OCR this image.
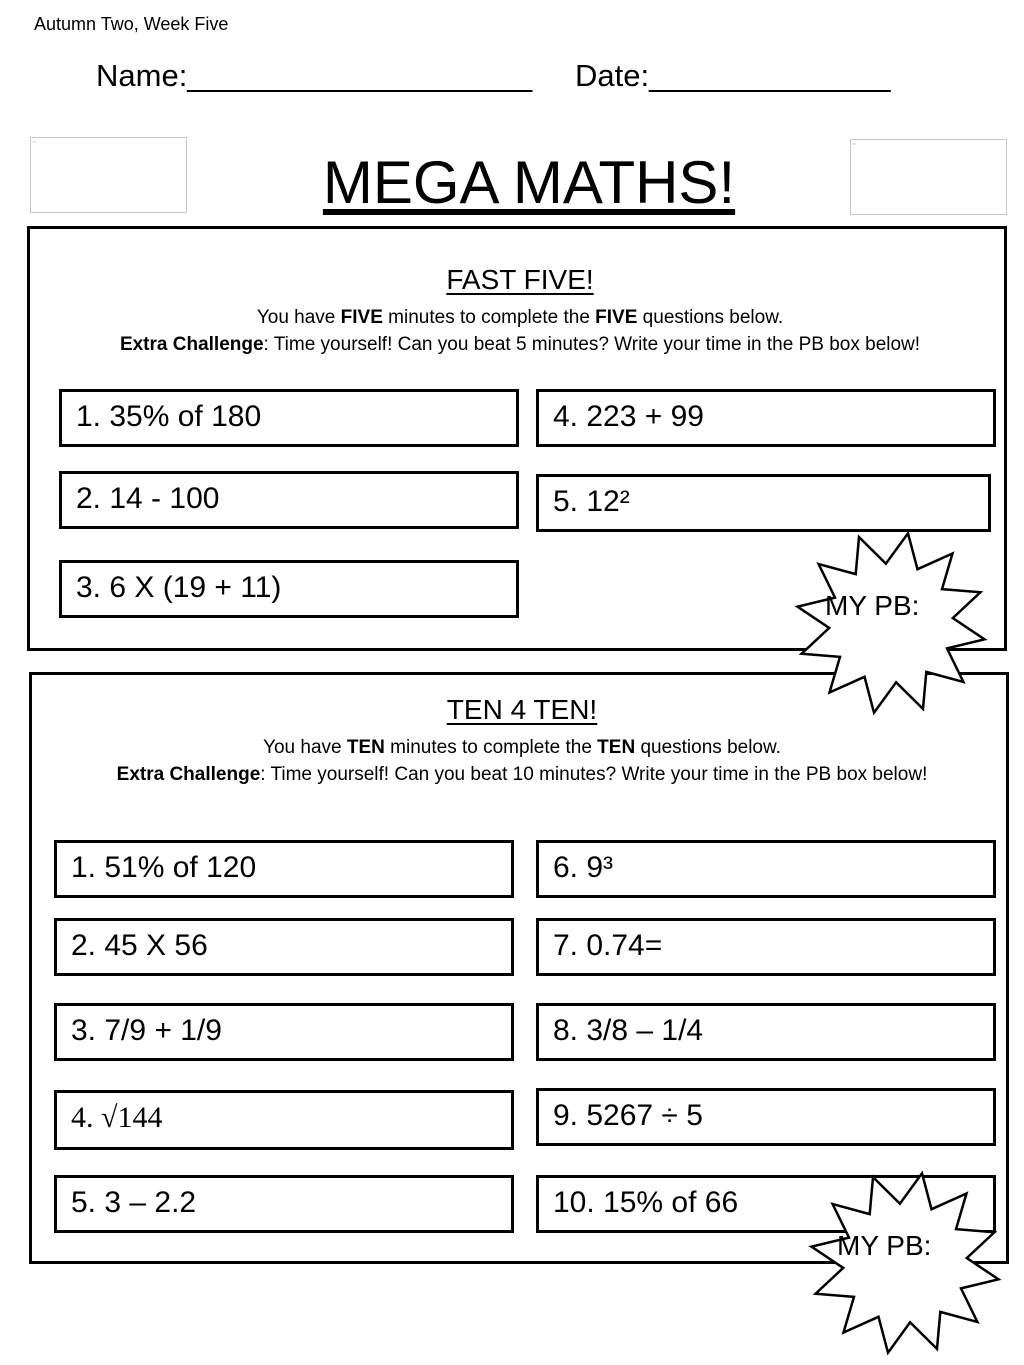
Autumn Two, Week Five
Name:____________________ Date:______________
▫	▫
MEGA MATHS!
FAST FIVE!
You have FIVE minutes to complete the FIVE questions below.
Extra Challenge: Time yourself! Can you beat 5 minutes? Write your time in the PB box below!
1. 35% of 180
2. 14 - 100
3. 6 X (19 + 11)
4. 223 + 99
5. 12²
TEN 4 TEN!
You have TEN minutes to complete the TEN questions below.
Extra Challenge: Time yourself! Can you beat 10 minutes? Write your time in the PB box below!
1. 51% of 120
2. 45 X 56
3. 7/9 + 1/9
4. √144
5. 3 – 2.2
6. 9³
7. 0.74=
8. 3/8 – 1/4
9. 5267 ÷ 5
10. 15% of 66
MY PB:
MY PB:
